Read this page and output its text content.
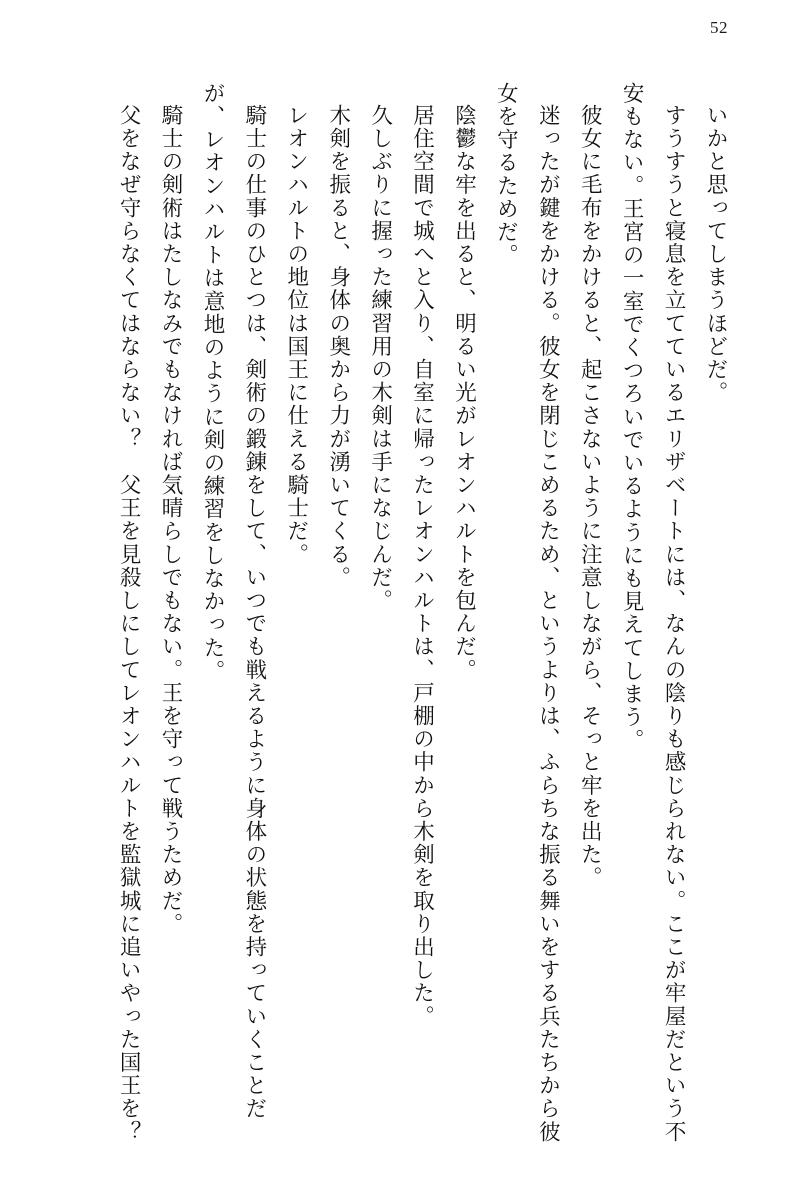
52

いかと思ってしまうほどだ。

すうすうと寝息を立てているエリザベートには、なんの陰りも感じられない。ここが牢屋だという不安もない。王宮の一室でくつろいでいるようにも見えてしまう。

彼女に毛布をかけると、起こさないように注意しながら、そっと牢を出た。

迷ったが鍵をかける。彼女を閉じこめるため、というよりは、ふらちな振る舞いをする兵たちから彼女を守るためだ。

陰鬱な牢を出ると、明るい光がレオンハルトを包んだ。

居住空間で城へと入り、自室に帰ったレオンハルトは、戸棚の中から木剣を取り出した。

久しぶりに握った練習用の木剣は手になじんだ。

木剣を振ると、身体の奥から力が湧いてくる。

レオンハルトの地位は国王に仕える騎士だ。

騎士の仕事のひとつは、剣術の鍛錬をして、いつでも戦えるように身体の状態を持っていくことだが、レオンハルトは意地のように剣の練習をしなかった。

騎士の剣術はたしなみでもなければ気晴らしでもない。王を守って戦うためだ。

父をなぜ守らなくてはならない？　父王を見殺しにしてレオンハルトを監獄城に追いやった国王を？
